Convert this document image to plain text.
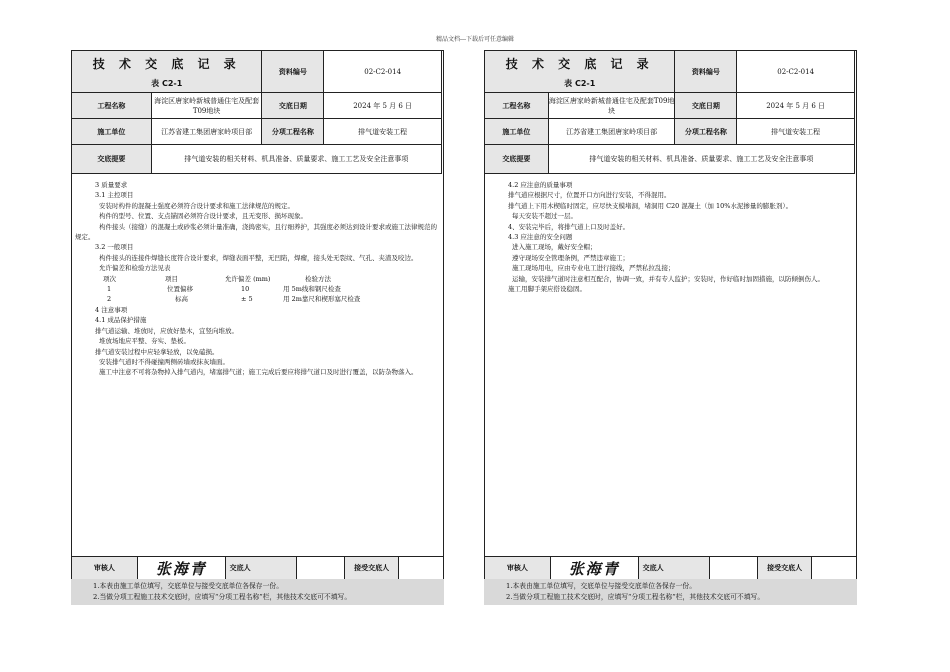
精品文档---下载后可任意编辑
技 术 交 底 记 录
表 C2-1		资料编号	02-C2-014
工程名称	海淀区唐家岭新城普通住宅及配套T09地块	交底日期	2024 年 5 月 6 日
施工单位	江苏省建工集团唐家岭项目部	分项工程名称	排气道安装工程
交底提要	排气道安装的相关材料、机具准备、质量要求、施工工艺及安全注意事项		
3 质量要求
3.1 主控项目
安装时构件的混凝土强度必须符合设计要求和施工法律规范的规定。
构件的型号、位置、支点锚固必须符合设计要求，且无变形、损坏现象。
构件接头（接缝）的混凝土或砂浆必须计量准确，浇捣密实，且行细养护，其强度必须达到设计要求或施工法律规范的规定。
3.2 一般项目
构件接头的连接件焊缝长度符合设计要求，焊缝表面平整，无凹陷，焊瘤，接头处无裂纹、气孔、夹渣及咬边。
允许偏差和检验方法见表
项次	项目	允许偏差 (mm)	检验方法
1	位置偏移	10	用 5m线和钢尺检查
2	标高	± 5	用 2m靠尺和楔形塞尺检查
4 注意事项
4.1 成品保护措施
排气道运输、堆放时，应放好垫木，宜竖向堆放。
堆放场地应平整、夯实、垫板。
排气道安装过程中应轻拿轻放，以免磕损。
安装排气道时不得碰撞两侧砖墙或抹灰墙面。
施工中注意不可将杂物掉入排气道内，堵塞排气道；施工完成后要应将排气道口及时进行覆盖，以防杂物落入。
审核人	张海青	交底人		接受交底人	
1.本表由施工单位填写，交底单位与接受交底单位各保存一份。
2.当做分项工程施工技术交底时，应填写“分项工程名称”栏，其他技术交底可不填写。
技 术 交 底 记 录
表 C2-1		资料编号	02-C2-014
工程名称	海淀区唐家岭新城普通住宅及配套T09地块	交底日期	2024 年 5 月 6 日
施工单位	江苏省建工集团唐家岭项目部	分项工程名称	排气道安装工程
交底提要	排气道安装的相关材料、机具准备、质量要求、施工工艺及安全注意事项		
4.2 应注意的质量事项
排气道应根据尺寸，位置开口方向进行安装，不得混用。
排气道上下用木楔临时固定，应尽快支模堵洞，堵洞用 C20 混凝土（加 10%水泥掺量的膨胀剂）。
每天安装不超过一层。
4、安装完毕后，将排气道上口及时盖好。
4.3 应注意的安全问题
进入施工现场，戴好安全帽；
遵守现场安全管理条例，严禁违章施工；
施工现场用电，应由专业电工进行接线，严禁私拉乱接；
运输，安装排气道时注意相互配合，协调一致，并有专人监护；安装时，作好临时加固措施，以防倾倒伤人。
施工用脚手架应搭设稳固。
审核人	张海青	交底人		接受交底人	
1.本表由施工单位填写，交底单位与接受交底单位各保存一份。
2.当做分项工程施工技术交底时，应填写“分项工程名称”栏，其他技术交底可不填写。
